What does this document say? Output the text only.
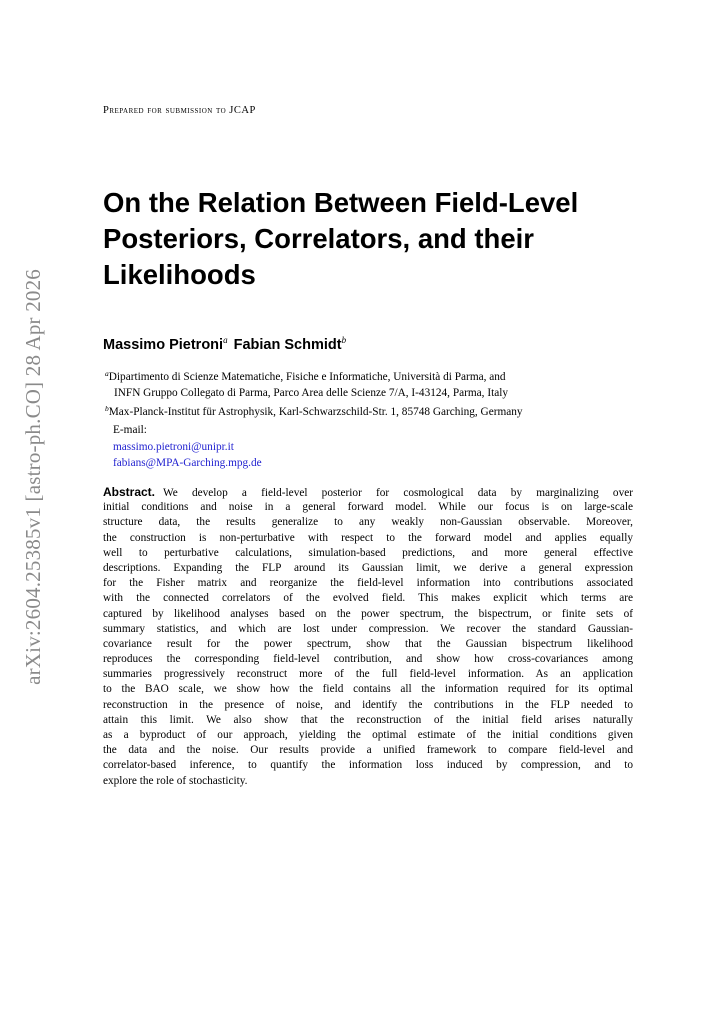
arXiv:2604.25385v1 [astro-ph.CO] 28 Apr 2026
Prepared for submission to JCAP
On the Relation Between Field-Level
Posteriors, Correlators, and their
Likelihoods
Massimo Pietroni$^a$ Fabian Schmidt$^b$
$^a$Dipartimento di Scienze Matematiche, Fisiche e Informatiche, Università di Parma, and
INFN Gruppo Collegato di Parma, Parco Area delle Scienze 7/A, I-43124, Parma, Italy
$^b$Max-Planck-Institut für Astrophysik, Karl-Schwarzschild-Str. 1, 85748 Garching, Germany
E-mail:
massimo.pietroni@unipr.it
fabians@MPA-Garching.mpg.de
Abstract. We develop a field-level posterior for cosmological data by marginalizing over
initial conditions and noise in a general forward model. While our focus is on large-scale
structure data, the results generalize to any weakly non-Gaussian observable. Moreover,
the construction is non-perturbative with respect to the forward model and applies equally
well to perturbative calculations, simulation-based predictions, and more general effective
descriptions. Expanding the FLP around its Gaussian limit, we derive a general expression
for the Fisher matrix and reorganize the field-level information into contributions associated
with the connected correlators of the evolved field. This makes explicit which terms are
captured by likelihood analyses based on the power spectrum, the bispectrum, or finite sets of
summary statistics, and which are lost under compression. We recover the standard Gaussian-
covariance result for the power spectrum, show that the Gaussian bispectrum likelihood
reproduces the corresponding field-level contribution, and show how cross-covariances among
summaries progressively reconstruct more of the full field-level information. As an application
to the BAO scale, we show how the field contains all the information required for its optimal
reconstruction in the presence of noise, and identify the contributions in the FLP needed to
attain this limit. We also show that the reconstruction of the initial field arises naturally
as a byproduct of our approach, yielding the optimal estimate of the initial conditions given
the data and the noise. Our results provide a unified framework to compare field-level and
correlator-based inference, to quantify the information loss induced by compression, and to
explore the role of stochasticity.
